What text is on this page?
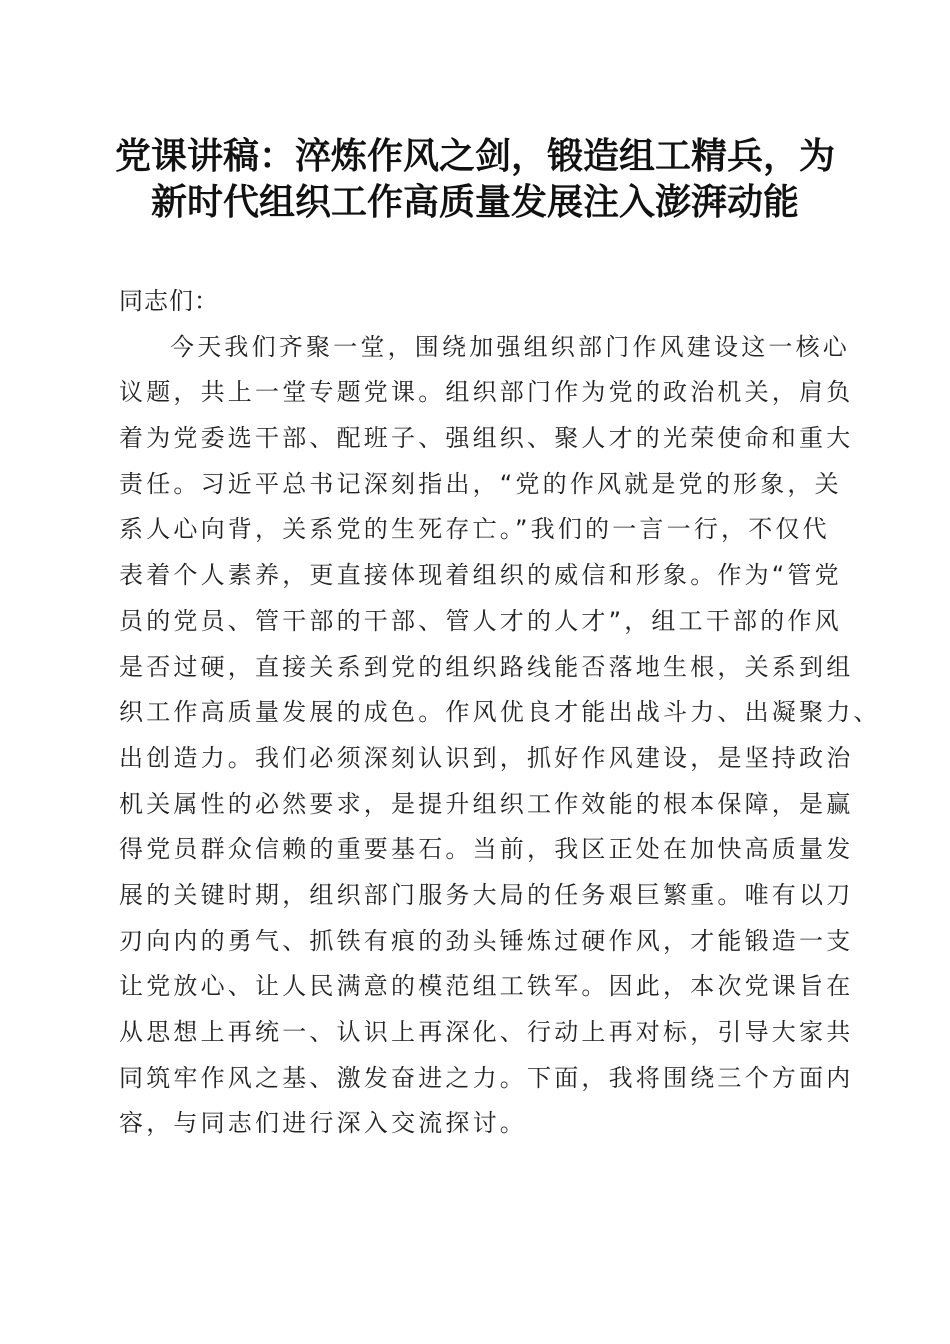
党课讲稿：淬炼作风之剑，锻造组工精兵，为
新时代组织工作高质量发展注入澎湃动能
同志们：
今天我们齐聚一堂，围绕加强组织部门作风建设这一核心
议题，共上一堂专题党课。组织部门作为党的政治机关，肩负
着为党委选干部、配班子、强组织、聚人才的光荣使命和重大
责任。习近平总书记深刻指出，“党的作风就是党的形象，关
系人心向背，关系党的生死存亡。”我们的一言一行，不仅代
表着个人素养，更直接体现着组织的威信和形象。作为“管党
员的党员、管干部的干部、管人才的人才”，组工干部的作风
是否过硬，直接关系到党的组织路线能否落地生根，关系到组
织工作高质量发展的成色。作风优良才能出战斗力、出凝聚力、
出创造力。我们必须深刻认识到，抓好作风建设，是坚持政治
机关属性的必然要求，是提升组织工作效能的根本保障，是赢
得党员群众信赖的重要基石。当前，我区正处在加快高质量发
展的关键时期，组织部门服务大局的任务艰巨繁重。唯有以刀
刃向内的勇气、抓铁有痕的劲头锤炼过硬作风，才能锻造一支
让党放心、让人民满意的模范组工铁军。因此，本次党课旨在
从思想上再统一、认识上再深化、行动上再对标，引导大家共
同筑牢作风之基、激发奋进之力。下面，我将围绕三个方面内
容，与同志们进行深入交流探讨。
